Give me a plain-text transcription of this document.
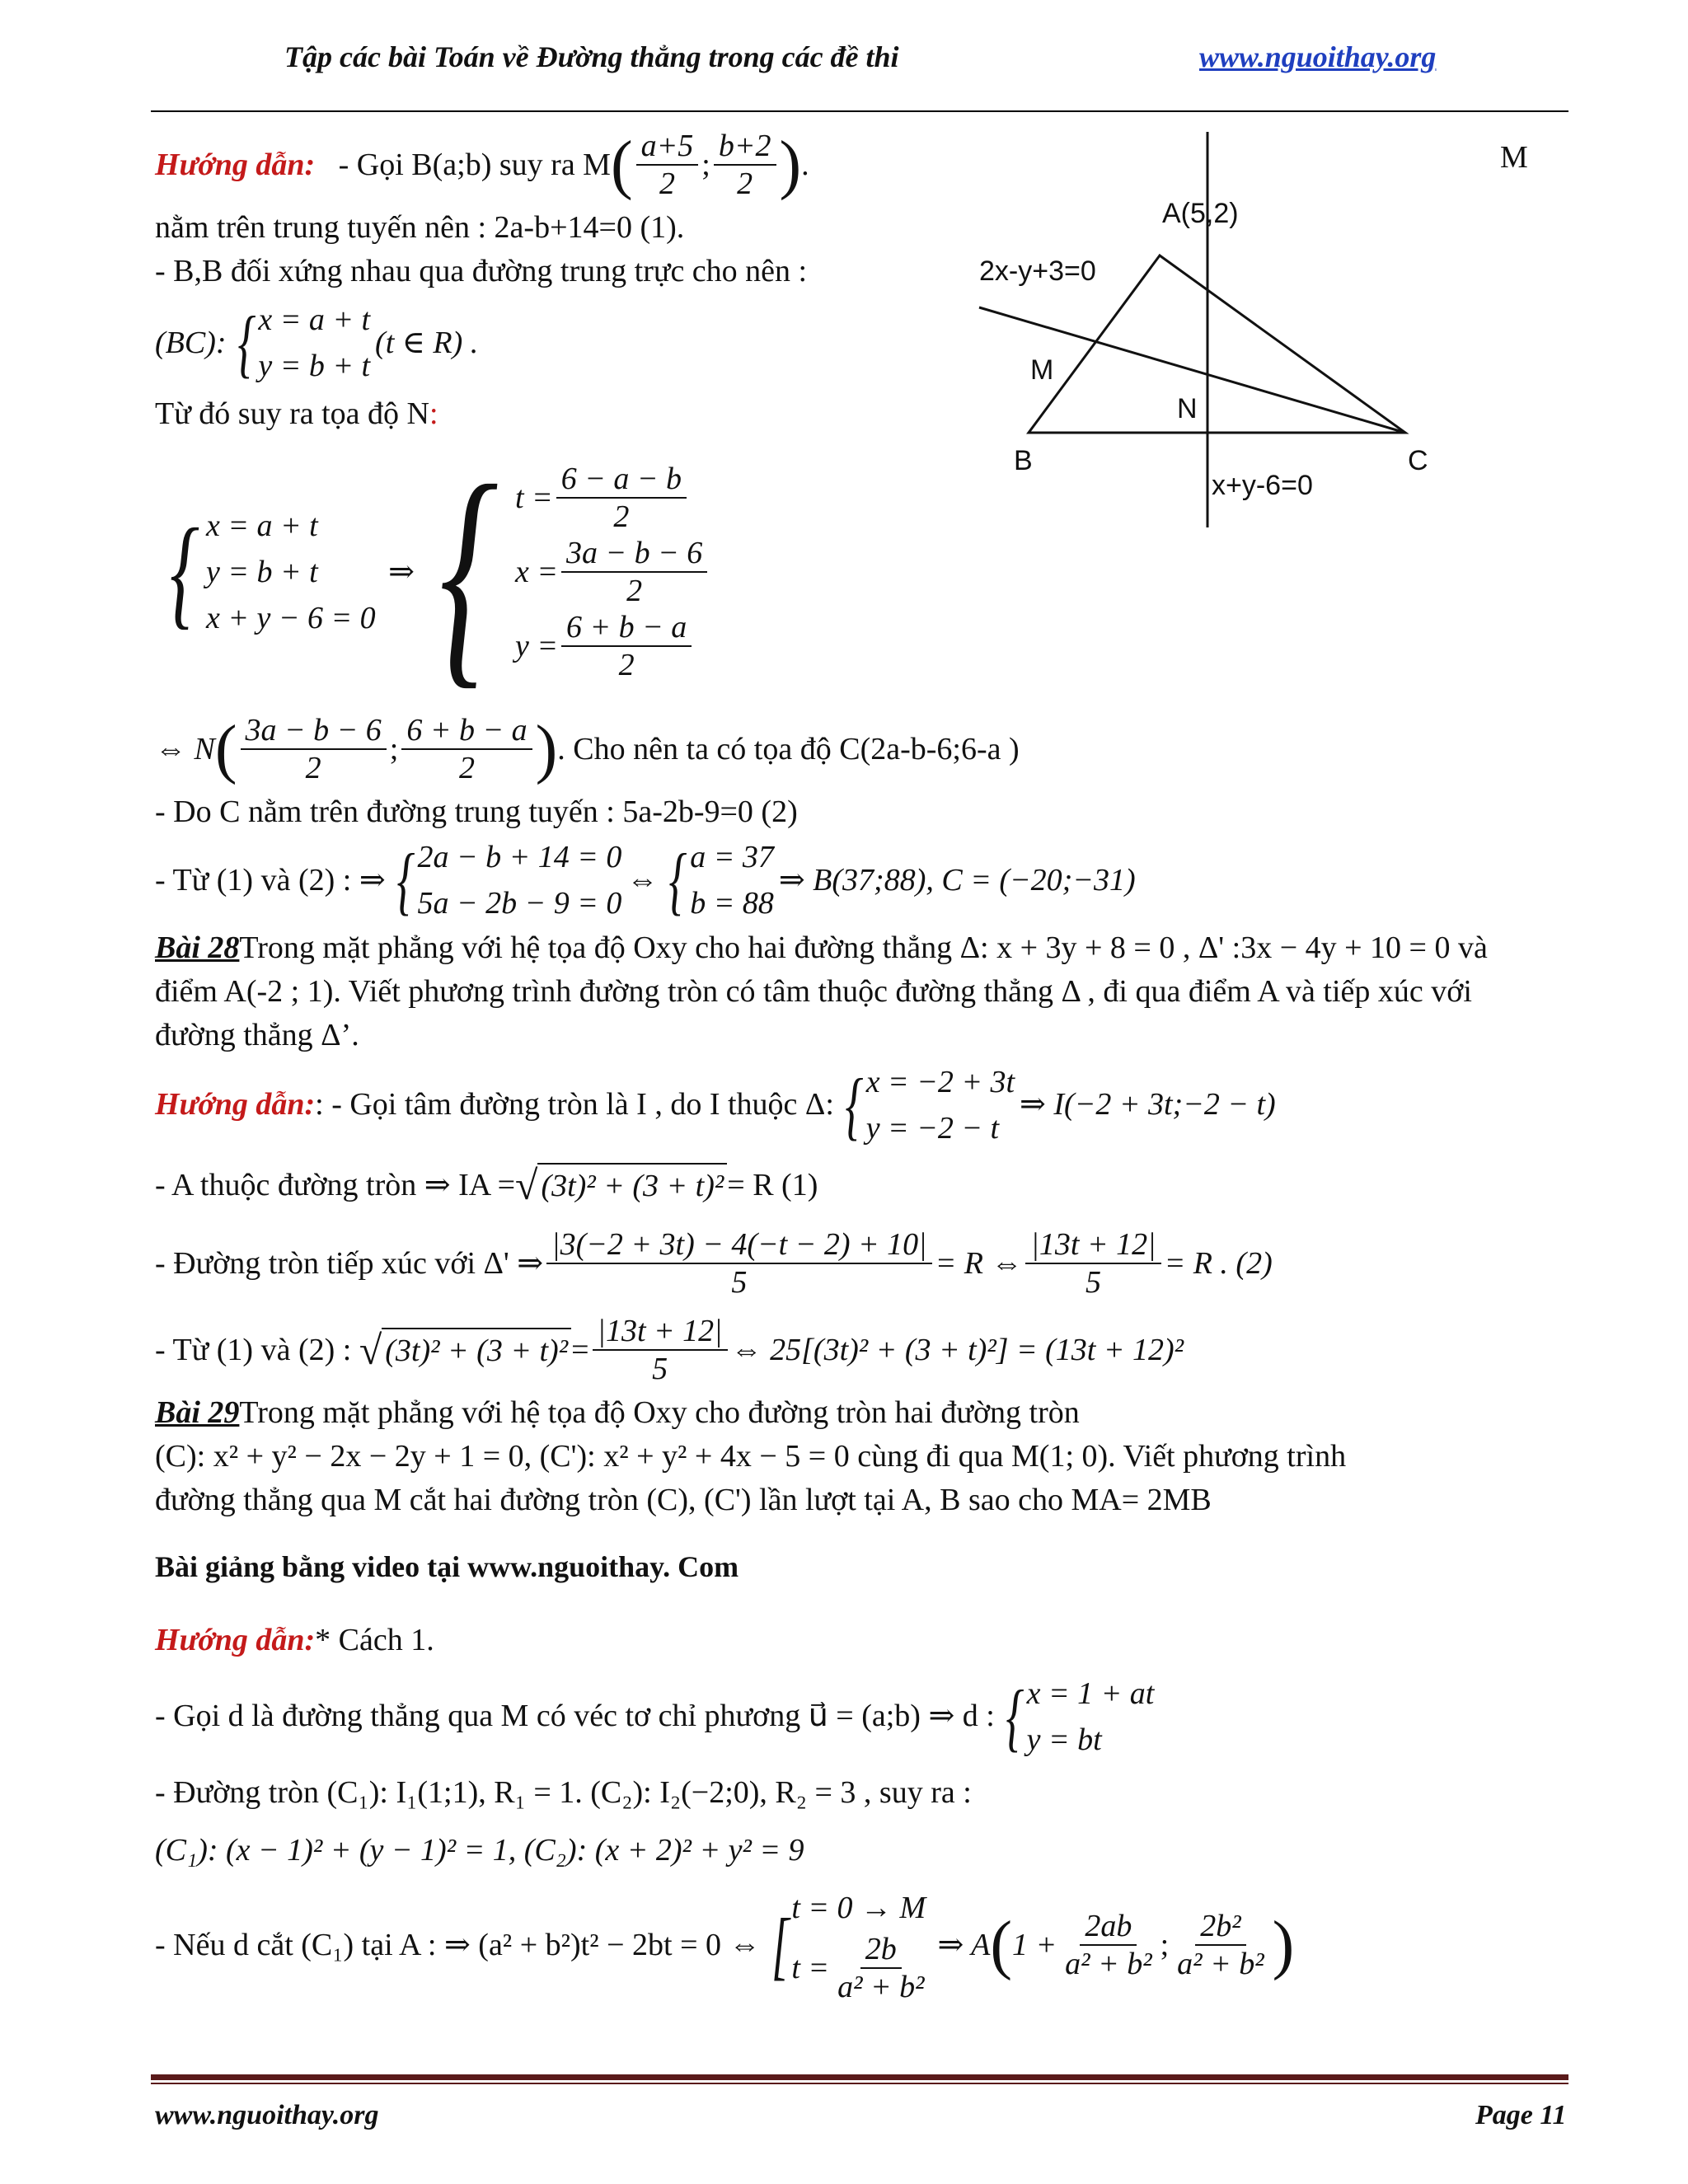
Tập các bài Toán về Đường thẳng trong các đề thi	www.nguoithay.org
M
A(5,2)
2x-y+3=0
M
N
B	C
x+y-6=0
Hướng dẫn:
- Gọi B(a;b) suy ra M ( $\frac{a+5}{2}$ ; $\frac{b+2}{2}$ ) .
nằm trên trung tuyến nên : 2a-b+14=0 (1).
- B,B đối xứng nhau qua đường trung trực cho nên :
(BC): { x = a + t
y = b + t
(t ∈ R) .
Từ đó suy ra tọa độ N :
{ x = a + t
y = b + t
x + y − 6 = 0

⇒ { $t = \frac{6 - a - b}{2}$
$x = \frac{3a - b - 6}{2}$
$y = \frac{6 + b - a}{2}$
⇔ N ( $\frac{3a - b - 6}{2}$ ; $\frac{6 + b - a}{2}$ ) . Cho nên ta có tọa độ C(2a-b-6;6-a )
- Do C nằm trên đường trung tuyến : 5a-2b-9=0 (2)
- Từ (1) và (2) : ⇒ { 2a − b + 14 = 0
5a − 2b − 9 = 0
⇔ { a = 37
b = 88
⇒ B(37;88), C = (−20;−31)
Bài 28 Trong mặt phẳng với hệ tọa độ Oxy cho hai đường thẳng Δ: x + 3y + 8 = 0 , Δ' :3x − 4y + 10 = 0 và
điểm A(-2 ; 1). Viết phương trình đường tròn có tâm thuộc đường thẳng Δ , đi qua điểm A và tiếp xúc với
đường thẳng Δ’.
Hướng dẫn: : - Gọi tâm đường tròn là I , do I thuộc Δ: { x = −2 + 3t
y = −2 − t
⇒ I(−2 + 3t;−2 − t)
- A thuộc đường tròn ⇒ IA = √ (3t)² + (3 + t)² = R (1)
- Đường tròn tiếp xúc với Δ' ⇒ $\frac{|3(-2 + 3t) - 4(-t - 2) + 10|}{5} = R$ ⇔ $\frac{|13t + 12|}{5} = R$ . (2)
- Từ (1) và (2) :
√ $(3t)^2 + (3 + t)^2 = \frac{|13t + 12|}{5}$ ⇔ 25[(3t)² + (3 + t)²] = (13t + 12)²
Bài 29 Trong mặt phẳng với hệ tọa độ Oxy cho đường tròn hai đường tròn
(C): x² + y² − 2x − 2y + 1 = 0, (C'): x² + y² + 4x − 5 = 0 cùng đi qua M(1; 0). Viết phương trình
đường thẳng qua M cắt hai đường tròn (C), (C') lần lượt tại A, B sao cho MA= 2MB
Bài giảng bằng video tại www.nguoithay. Com
Hướng dẫn: * Cách 1.
- Gọi d là đường thẳng qua M có véc tơ chỉ phương u⃗ = (a;b) ⇒ d : { x = 1 + at
y = bt
- Đường tròn (C₁): I₁(1;1), R₁ = 1. (C₂): I₂(−2;0), R₂ = 3 , suy ra :
(C₁): (x − 1)² + (y − 1)² = 1, (C₂): (x + 2)² + y² = 9
- Nếu d cắt (C₁) tại A : ⇒ (a² + b²)t² − 2bt = 0 ⇔ [ t = 0 → M
$t = \frac{2b}{\text{a² + b²}}$ ⇒ A ( $1 + \frac{2ab}{\text{a² + b²}}$ ; $\frac{\text{2b²}}{\text{a² + b²}}$ )
www.nguoithay.org	Page 11
